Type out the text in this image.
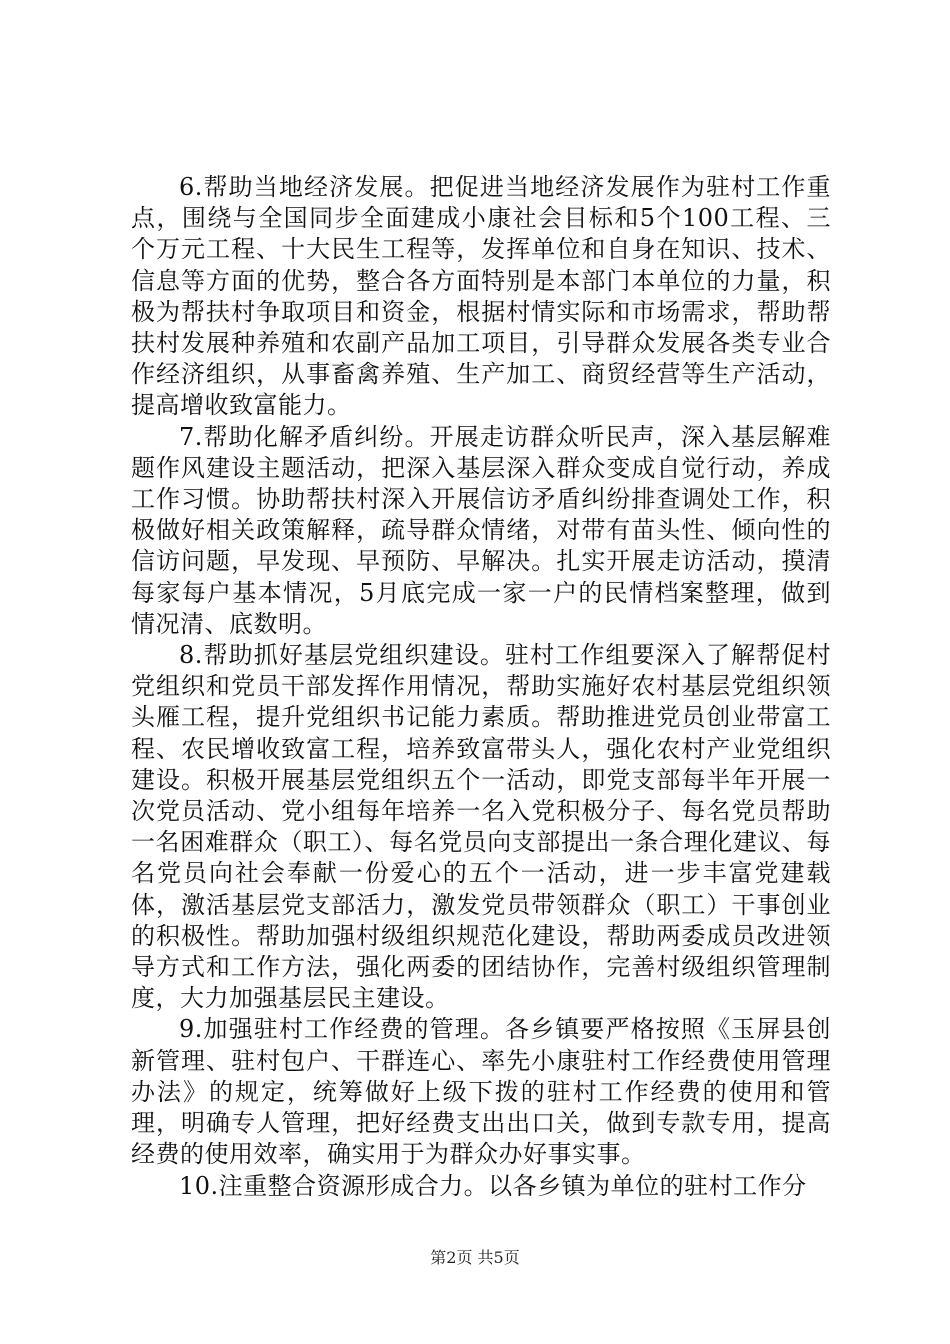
6.帮助当地经济发展。把促进当地经济发展作为驻村工作重点，围绕与全国同步全面建成小康社会目标和5个100工程、三个万元工程、十大民生工程等，发挥单位和自身在知识、技术、信息等方面的优势，整合各方面特别是本部门本单位的力量，积极为帮扶村争取项目和资金，根据村情实际和市场需求，帮助帮扶村发展种养殖和农副产品加工项目，引导群众发展各类专业合作经济组织，从事畜禽养殖、生产加工、商贸经营等生产活动，提高增收致富能力。

7.帮助化解矛盾纠纷。开展走访群众听民声，深入基层解难题作风建设主题活动，把深入基层深入群众变成自觉行动，养成工作习惯。协助帮扶村深入开展信访矛盾纠纷排查调处工作，积极做好相关政策解释，疏导群众情绪，对带有苗头性、倾向性的信访问题，早发现、早预防、早解决。扎实开展走访活动，摸清每家每户基本情况，5月底完成一家一户的民情档案整理，做到情况清、底数明。

8.帮助抓好基层党组织建设。驻村工作组要深入了解帮促村党组织和党员干部发挥作用情况，帮助实施好农村基层党组织领头雁工程，提升党组织书记能力素质。帮助推进党员创业带富工程、农民增收致富工程，培养致富带头人，强化农村产业党组织建设。积极开展基层党组织五个一活动，即党支部每半年开展一次党员活动、党小组每年培养一名入党积极分子、每名党员帮助一名困难群众（职工）、每名党员向支部提出一条合理化建议、每名党员向社会奉献一份爱心的五个一活动，进一步丰富党建载体，激活基层党支部活力，激发党员带领群众（职工）干事创业的积极性。帮助加强村级组织规范化建设，帮助两委成员改进领导方式和工作方法，强化两委的团结协作，完善村级组织管理制度，大力加强基层民主建设。

9.加强驻村工作经费的管理。各乡镇要严格按照《玉屏县创新管理、驻村包户、干群连心、率先小康驻村工作经费使用管理办法》的规定，统筹做好上级下拨的驻村工作经费的使用和管理，明确专人管理，把好经费支出出口关，做到专款专用，提高经费的使用效率，确实用于为群众办好事实事。

10.注重整合资源形成合力。以各乡镇为单位的驻村工作分

第2页 共5页
